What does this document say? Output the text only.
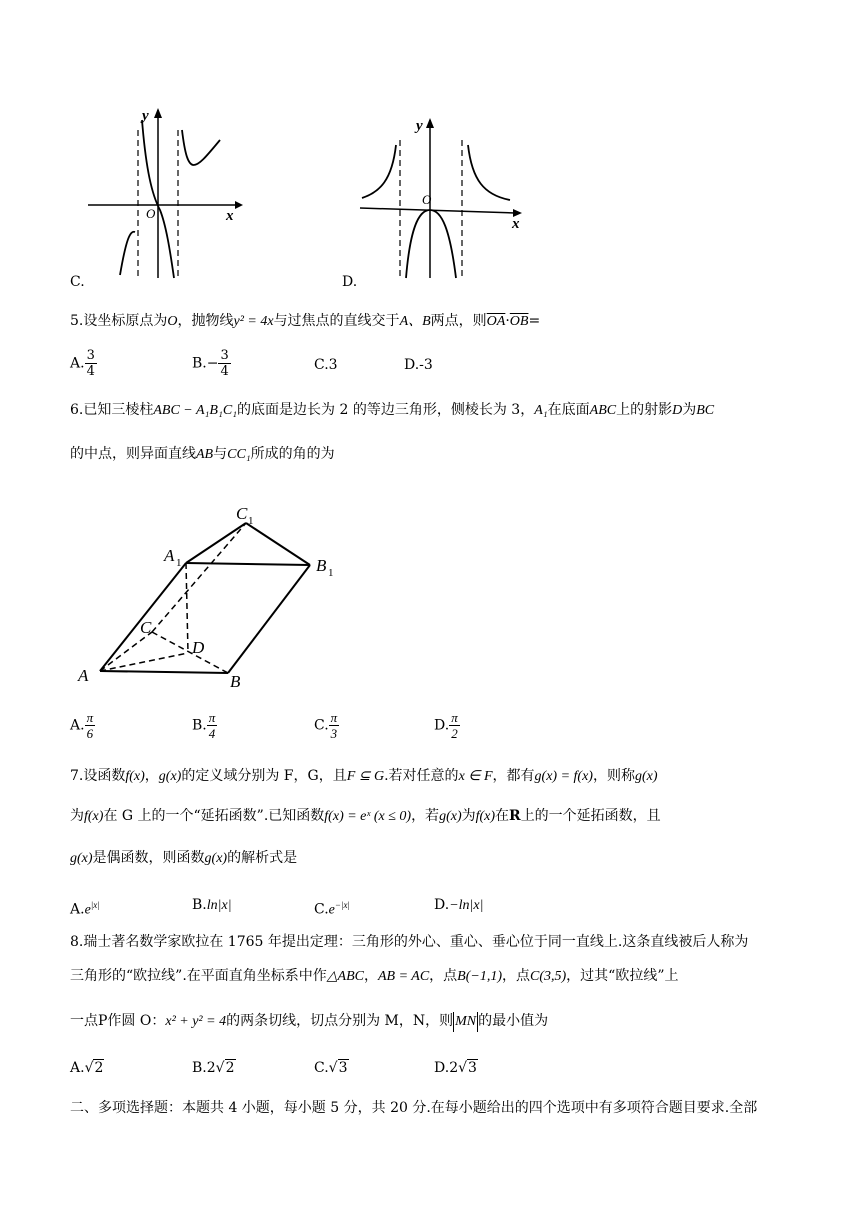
y
x
O
C.
y
x
O
D.
5.设坐标原点为O，抛物线y² = 4x与过焦点的直线交于A、B两点，则$\overline{OA}\cdot\overline{OB}=$
A. $\frac{3}{4}$	$B.- \frac{3}{4}$	C.3	D.-3
6.已知三棱柱ABC − A₁B₁C₁的底面是边长为 2 的等边三角形，侧棱长为 3，A₁在底面ABC上的射影D为BC
的中点，则异面直线AB与CC₁所成的角的为
A	B
C
D
A 1	B 1
C 1
A. $\frac{\pi}{6}$	B. $\frac{\pi}{4}$	C. $\frac{\pi}{3}$	D. $\frac{\pi}{2}$
7.设函数f(x)，g(x)的定义域分别为 F，G，且F ⊆ G.若对任意的x ∈ F，都有g(x) = f(x)，则称g(x)
为f(x)在 G 上的一个“延拓函数”.已知函数f(x) = eˣ (x ≤ 0)，若g(x)为f(x)在R上的一个延拓函数，且
g(x)是偶函数，则函数g(x)的解析式是
$A.e^{|x|}$	B.ln|x|	$C.e^{-|x|}$	D.−ln|x|
8.瑞士著名数学家欧拉在 1765 年提出定理：三角形的外心、重心、垂心位于同一直线上.这条直线被后人称为
三角形的“欧拉线”.在平面直角坐标系中作△ABC，AB = AC，点B(−1,1)，点C(3,5)，过其“欧拉线”上
一点P作圆 O：x² + y² = 4的两条切线，切点分别为 M，N，则 MN 的最小值为
A.√2	B.2√2	C.√3	D.2√3
二、多项选择题：本题共 4 小题，每小题 5 分，共 20 分.在每小题给出的四个选项中有多项符合题目要求.全部
